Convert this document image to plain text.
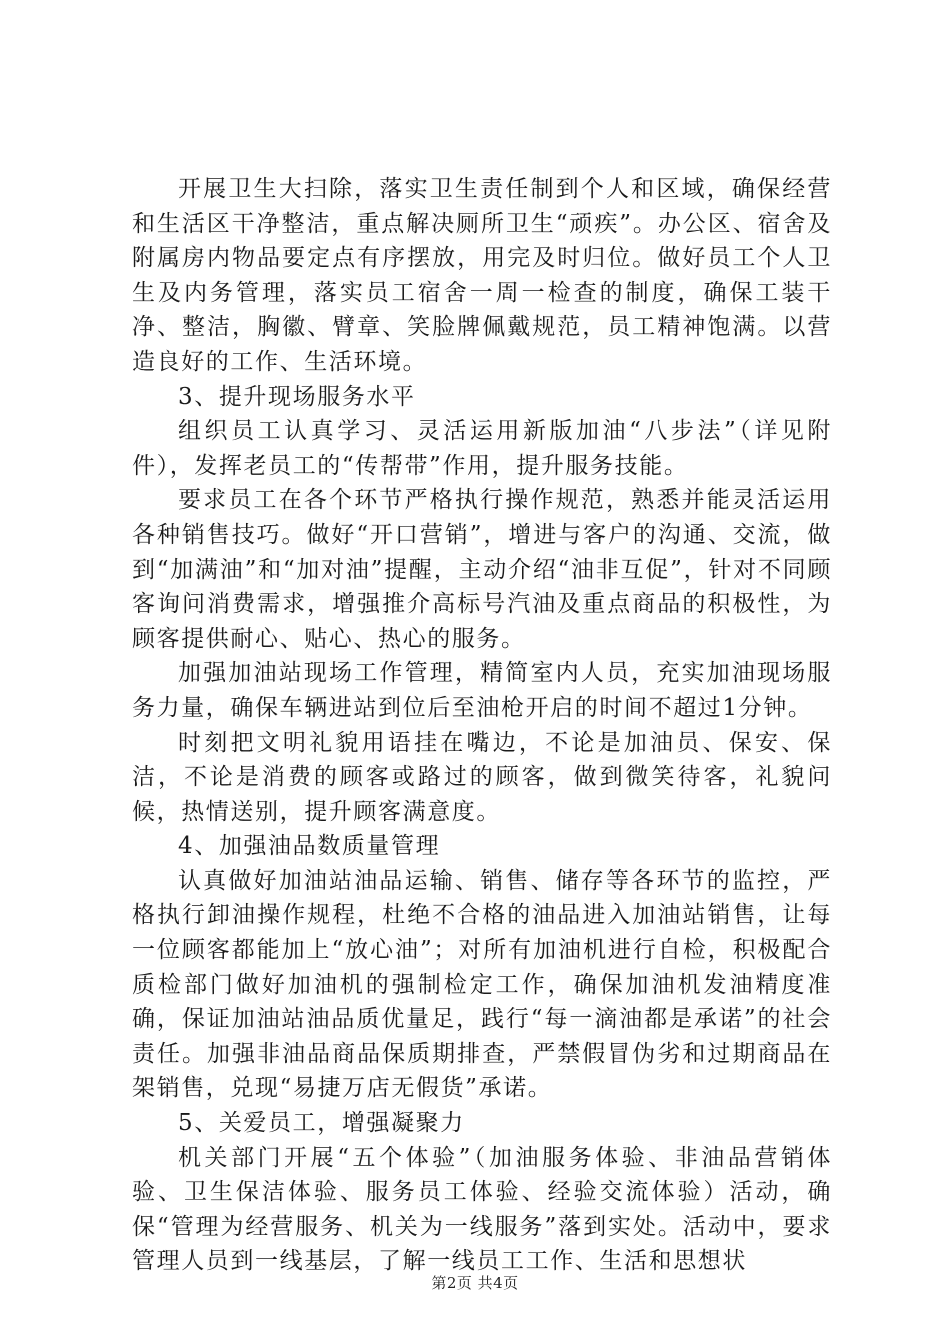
开展卫生大扫除，落实卫生责任制到个人和区域，确保经营和生活区干净整洁，重点解决厕所卫生“顽疾”。办公区、宿舍及附属房内物品要定点有序摆放，用完及时归位。做好员工个人卫生及内务管理，落实员工宿舍一周一检查的制度，确保工装干净、整洁，胸徽、臂章、笑脸牌佩戴规范，员工精神饱满。以营造良好的工作、生活环境。

3、提升现场服务水平

组织员工认真学习、灵活运用新版加油“八步法”（详见附件），发挥老员工的“传帮带”作用，提升服务技能。

要求员工在各个环节严格执行操作规范，熟悉并能灵活运用各种销售技巧。做好“开口营销”，增进与客户的沟通、交流，做到“加满油”和“加对油”提醒，主动介绍“油非互促”，针对不同顾客询问消费需求，增强推介高标号汽油及重点商品的积极性，为顾客提供耐心、贴心、热心的服务。

加强加油站现场工作管理，精简室内人员，充实加油现场服务力量，确保车辆进站到位后至油枪开启的时间不超过1分钟。

时刻把文明礼貌用语挂在嘴边，不论是加油员、保安、保洁，不论是消费的顾客或路过的顾客，做到微笑待客，礼貌问候，热情送别，提升顾客满意度。

4、加强油品数质量管理

认真做好加油站油品运输、销售、储存等各环节的监控，严格执行卸油操作规程，杜绝不合格的油品进入加油站销售，让每一位顾客都能加上“放心油”；对所有加油机进行自检，积极配合质检部门做好加油机的强制检定工作，确保加油机发油精度准确，保证加油站油品质优量足，践行“每一滴油都是承诺”的社会责任。加强非油品商品保质期排查，严禁假冒伪劣和过期商品在架销售，兑现“易捷万店无假货”承诺。

5、关爱员工，增强凝聚力

机关部门开展“五个体验”（加油服务体验、非油品营销体验、卫生保洁体验、服务员工体验、经验交流体验）活动，确保“管理为经营服务、机关为一线服务”落到实处。活动中，要求管理人员到一线基层，了解一线员工工作、生活和思想状

第2页 共4页
